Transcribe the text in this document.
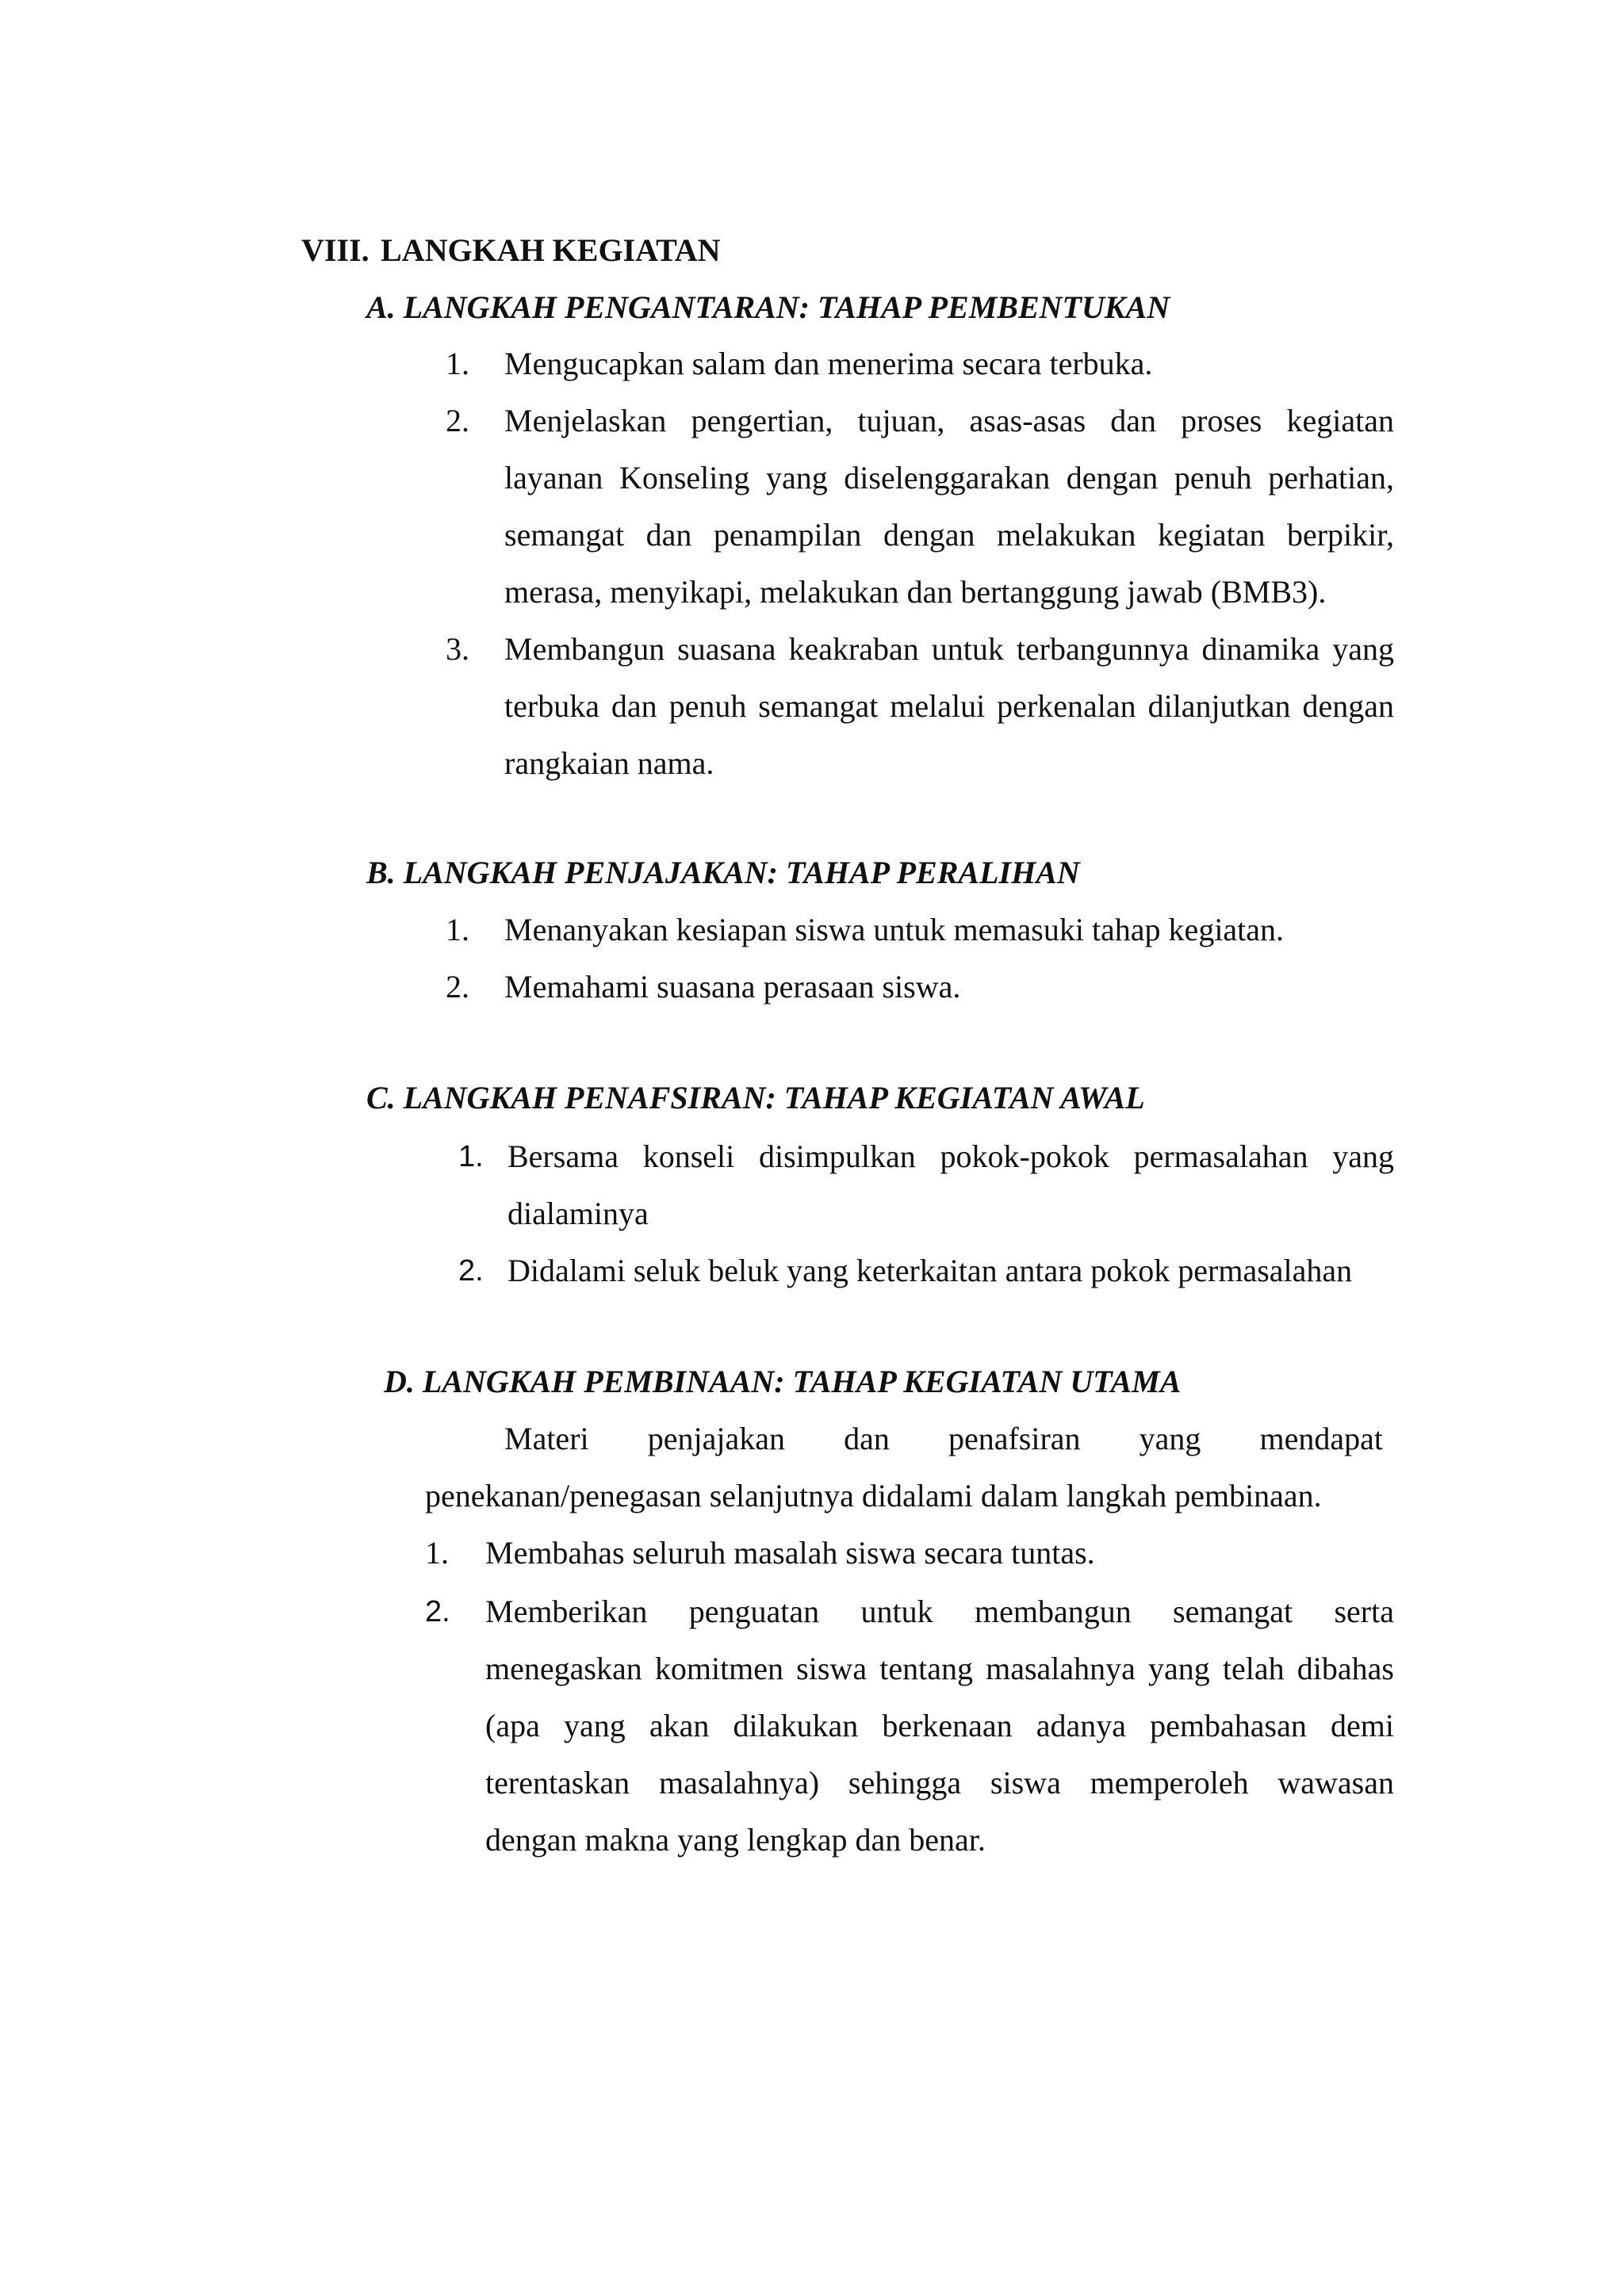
VIII. LANGKAH KEGIATAN
A. LANGKAH PENGANTARAN: TAHAP PEMBENTUKAN
1. Mengucapkan salam dan menerima secara terbuka.
2. Menjelaskan pengertian, tujuan, asas-asas dan proses kegiatan
layanan Konseling yang diselenggarakan dengan penuh perhatian,
semangat dan penampilan dengan melakukan kegiatan berpikir,
merasa, menyikapi, melakukan dan bertanggung jawab (BMB3).
3. Membangun suasana keakraban untuk terbangunnya dinamika yang
terbuka dan penuh semangat melalui perkenalan dilanjutkan dengan
rangkaian nama.
B. LANGKAH PENJAJAKAN: TAHAP PERALIHAN
1. Menanyakan kesiapan siswa untuk memasuki tahap kegiatan.
2. Memahami suasana perasaan siswa.
C. LANGKAH PENAFSIRAN: TAHAP KEGIATAN AWAL
1. Bersama konseli disimpulkan pokok-pokok permasalahan yang
dialaminya
2. Didalami seluk beluk yang keterkaitan antara pokok permasalahan
D. LANGKAH PEMBINAAN: TAHAP KEGIATAN UTAMA
Materi penjajakan dan penafsiran yang mendapat
penekanan/penegasan selanjutnya didalami dalam langkah pembinaan.
1. Membahas seluruh masalah siswa secara tuntas.
2. Memberikan penguatan untuk membangun semangat serta
menegaskan komitmen siswa tentang masalahnya yang telah dibahas
(apa yang akan dilakukan berkenaan adanya pembahasan demi
terentaskan masalahnya) sehingga siswa memperoleh wawasan
dengan makna yang lengkap dan benar.
